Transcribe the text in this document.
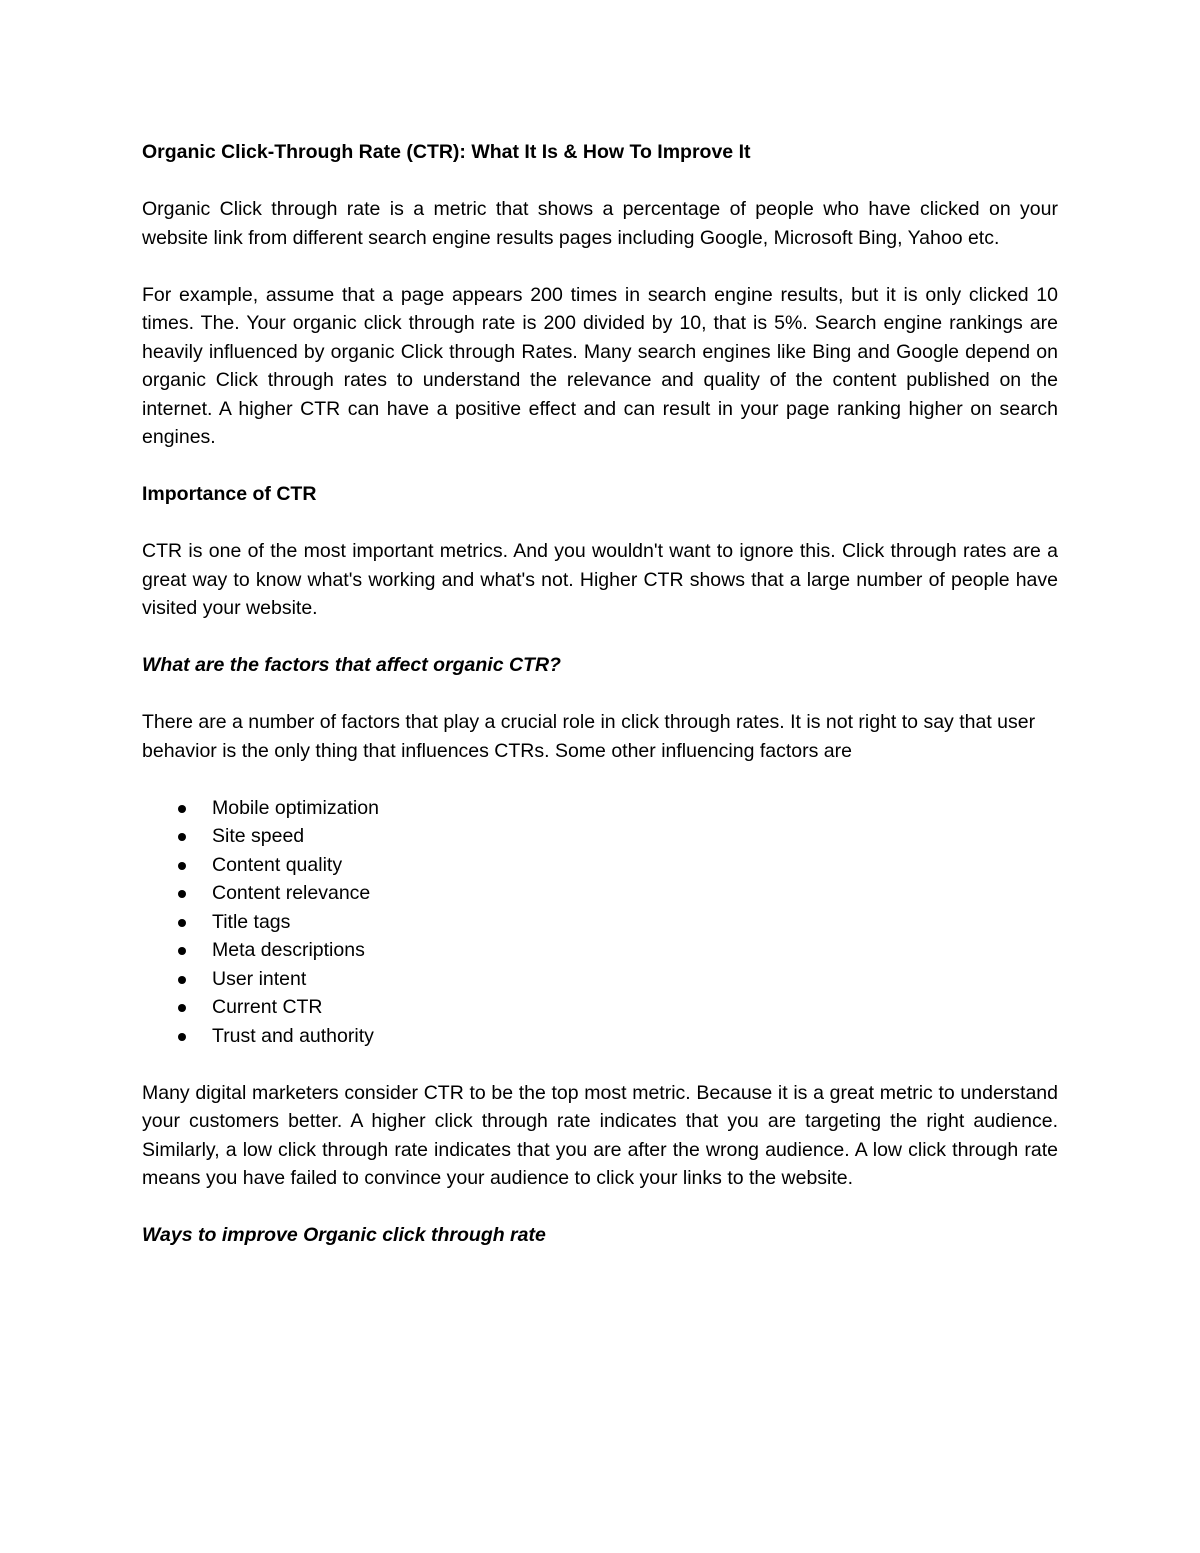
Organic Click-Through Rate (CTR): What It Is & How To Improve It

Organic Click through rate is a metric that shows a percentage of people who have clicked on your website link from different search engine results pages including Google, Microsoft Bing, Yahoo etc.

For example, assume that a page appears 200 times in search engine results, but it is only clicked 10 times. The. Your organic click through rate is 200 divided by 10, that is 5%. Search engine rankings are heavily influenced by organic Click through Rates. Many search engines like Bing and Google depend on organic Click through rates to understand the relevance and quality of the content published on the internet. A higher CTR can have a positive effect and can result in your page ranking higher on search engines.

Importance of CTR

CTR is one of the most important metrics. And you wouldn't want to ignore this. Click through rates are a great way to know what's working and what's not. Higher CTR shows that a large number of people have visited your website.

What are the factors that affect organic CTR?

There are a number of factors that play a crucial role in click through rates. It is not right to say that user behavior is the only thing that influences CTRs. Some other influencing factors are

Mobile optimization
Site speed
Content quality
Content relevance
Title tags
Meta descriptions
User intent
Current CTR
Trust and authority

Many digital marketers consider CTR to be the top most metric. Because it is a great metric to understand your customers better. A higher click through rate indicates that you are targeting the right audience. Similarly, a low click through rate indicates that you are after the wrong audience. A low click through rate means you have failed to convince your audience to click your links to the website.

Ways to improve Organic click through rate
